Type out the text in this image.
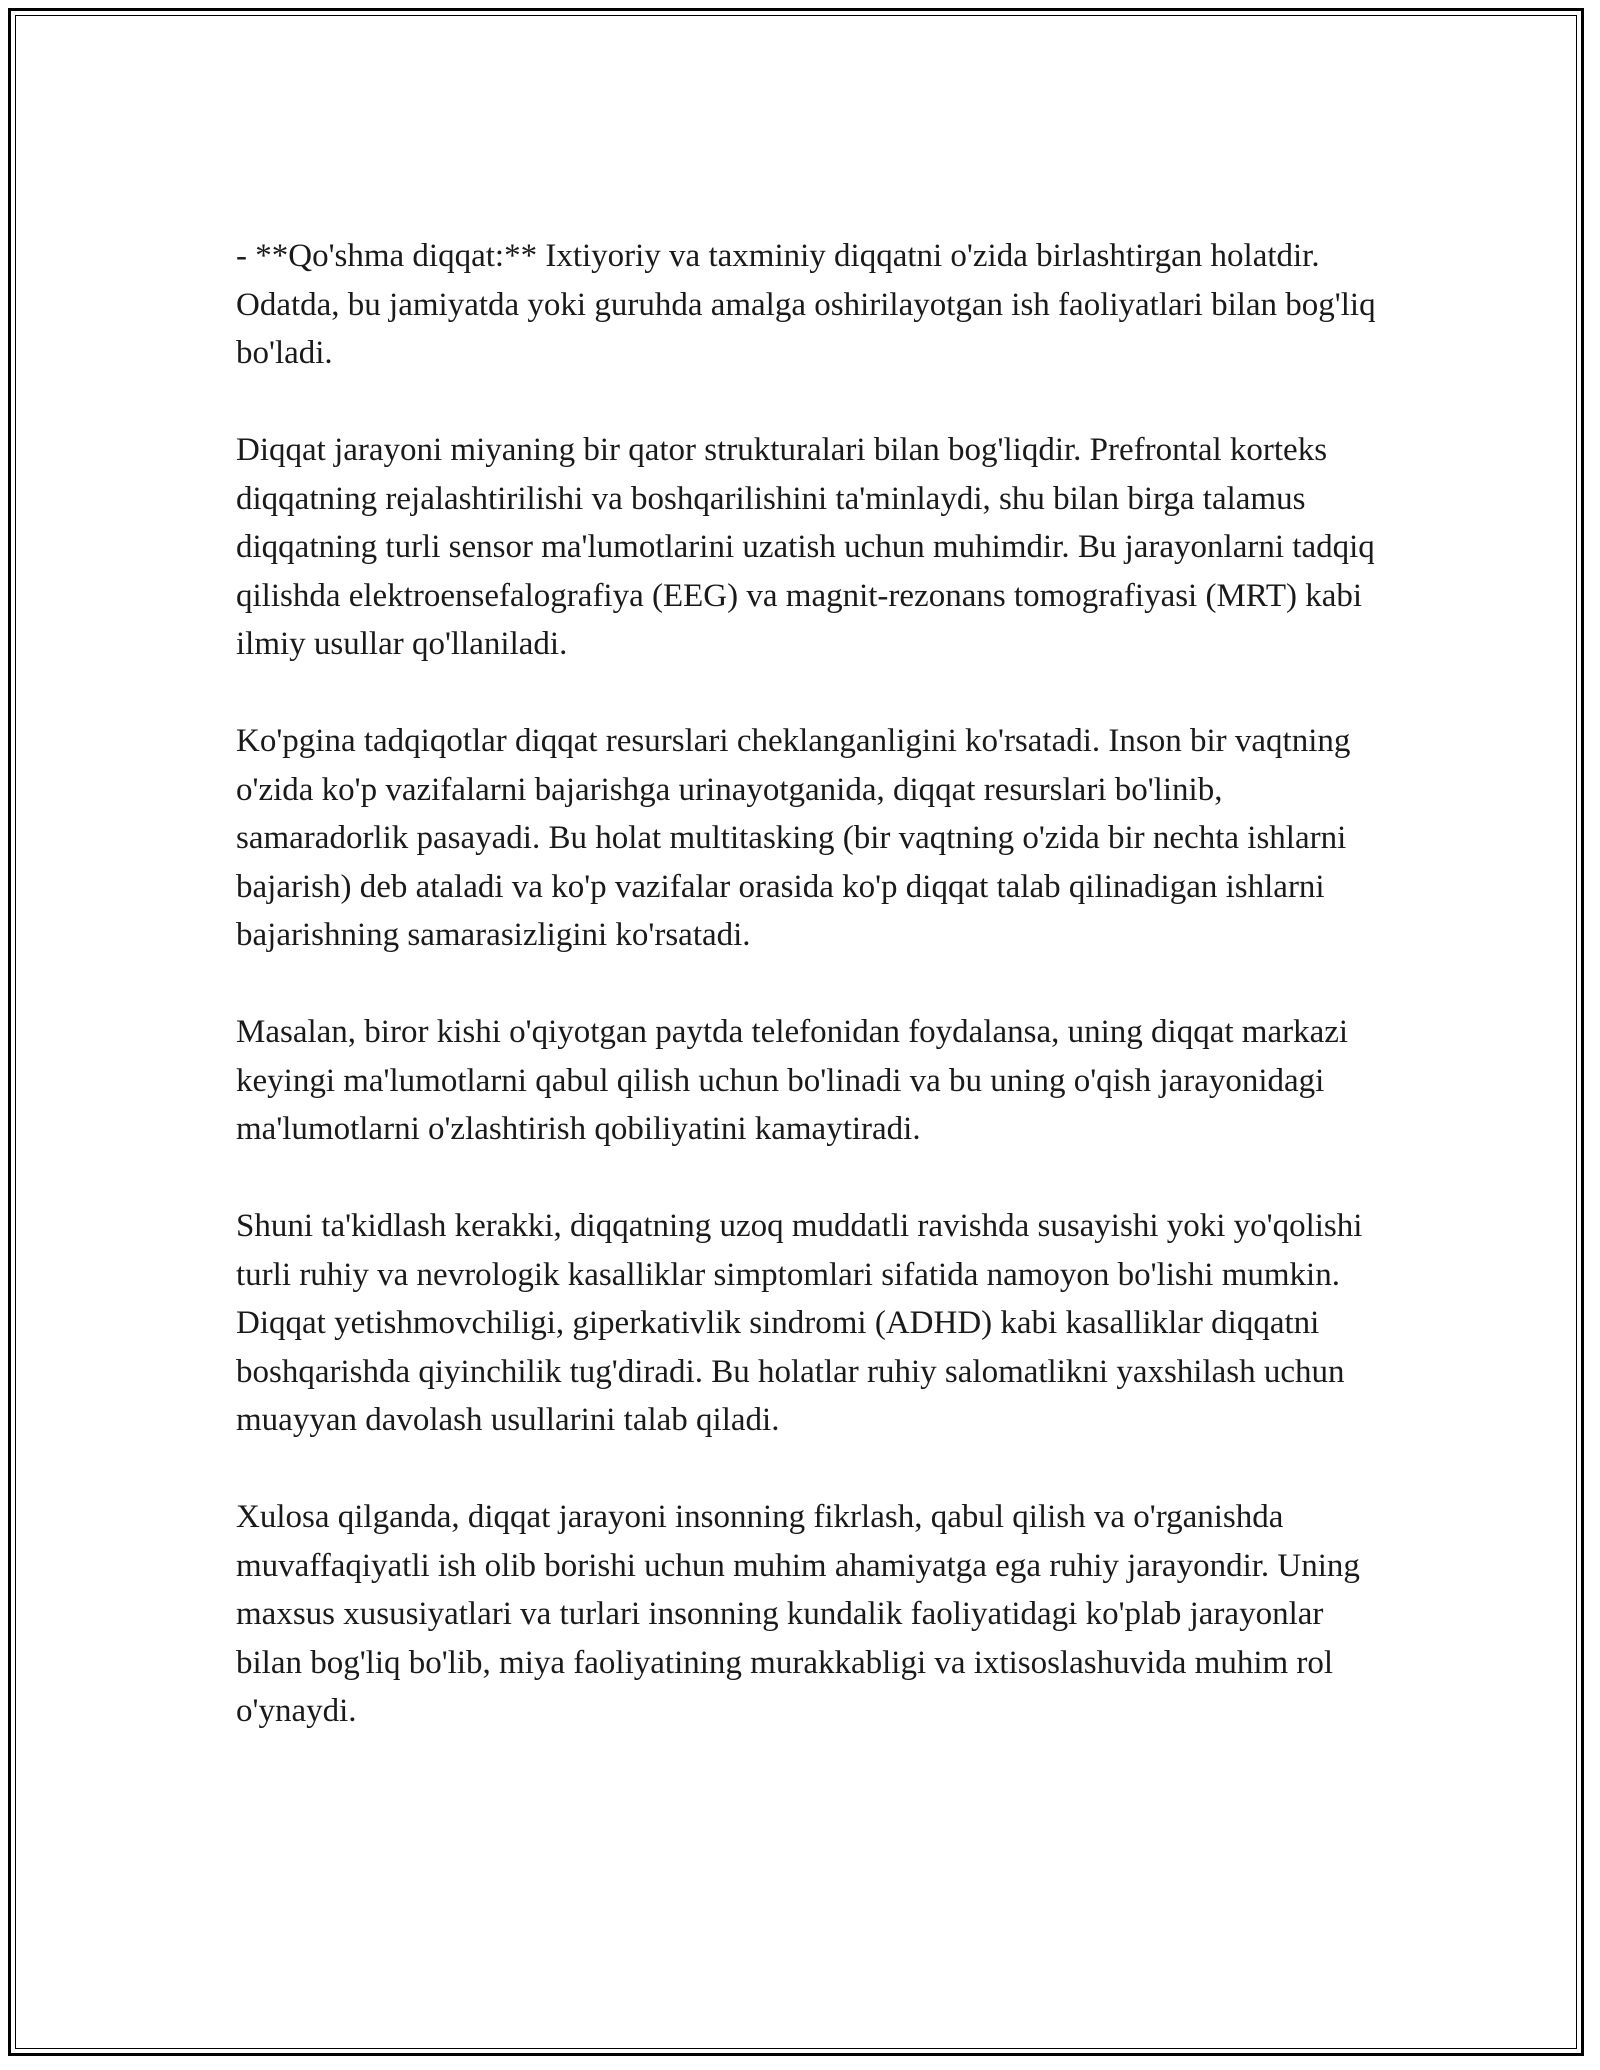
- **Qo'shma diqqat:** Ixtiyoriy va taxminiy diqqatni o'zida birlashtirgan holatdir. Odatda, bu jamiyatda yoki guruhda amalga oshirilayotgan ish faoliyatlari bilan bog'liq bo'ladi.

Diqqat jarayoni miyaning bir qator strukturalari bilan bog'liqdir. Prefrontal korteks diqqatning rejalashtirilishi va boshqarilishini ta'minlaydi, shu bilan birga talamus diqqatning turli sensor ma'lumotlarini uzatish uchun muhimdir. Bu jarayonlarni tadqiq qilishda elektroensefalografiya (EEG) va magnit-rezonans tomografiyasi (MRT) kabi ilmiy usullar qo'llaniladi.

Ko'pgina tadqiqotlar diqqat resurslari cheklanganligini ko'rsatadi. Inson bir vaqtning o'zida ko'p vazifalarni bajarishga urinayotganida, diqqat resurslari bo'linib, samaradorlik pasayadi. Bu holat multitasking (bir vaqtning o'zida bir nechta ishlarni bajarish) deb ataladi va ko'p vazifalar orasida ko'p diqqat talab qilinadigan ishlarni bajarishning samarasizligini ko'rsatadi.

Masalan, biror kishi o'qiyotgan paytda telefonidan foydalansa, uning diqqat markazi keyingi ma'lumotlarni qabul qilish uchun bo'linadi va bu uning o'qish jarayonidagi ma'lumotlarni o'zlashtirish qobiliyatini kamaytiradi.

Shuni ta'kidlash kerakki, diqqatning uzoq muddatli ravishda susayishi yoki yo'qolishi turli ruhiy va nevrologik kasalliklar simptomlari sifatida namoyon bo'lishi mumkin. Diqqat yetishmovchiligi, giperkativlik sindromi (ADHD) kabi kasalliklar diqqatni boshqarishda qiyinchilik tug'diradi. Bu holatlar ruhiy salomatlikni yaxshilash uchun muayyan davolash usullarini talab qiladi.

Xulosa qilganda, diqqat jarayoni insonning fikrlash, qabul qilish va o'rganishda muvaffaqiyatli ish olib borishi uchun muhim ahamiyatga ega ruhiy jarayondir. Uning maxsus xususiyatlari va turlari insonning kundalik faoliyatidagi ko'plab jarayonlar bilan bog'liq bo'lib, miya faoliyatining murakkabligi va ixtisoslashuvida muhim rol o'ynaydi.
